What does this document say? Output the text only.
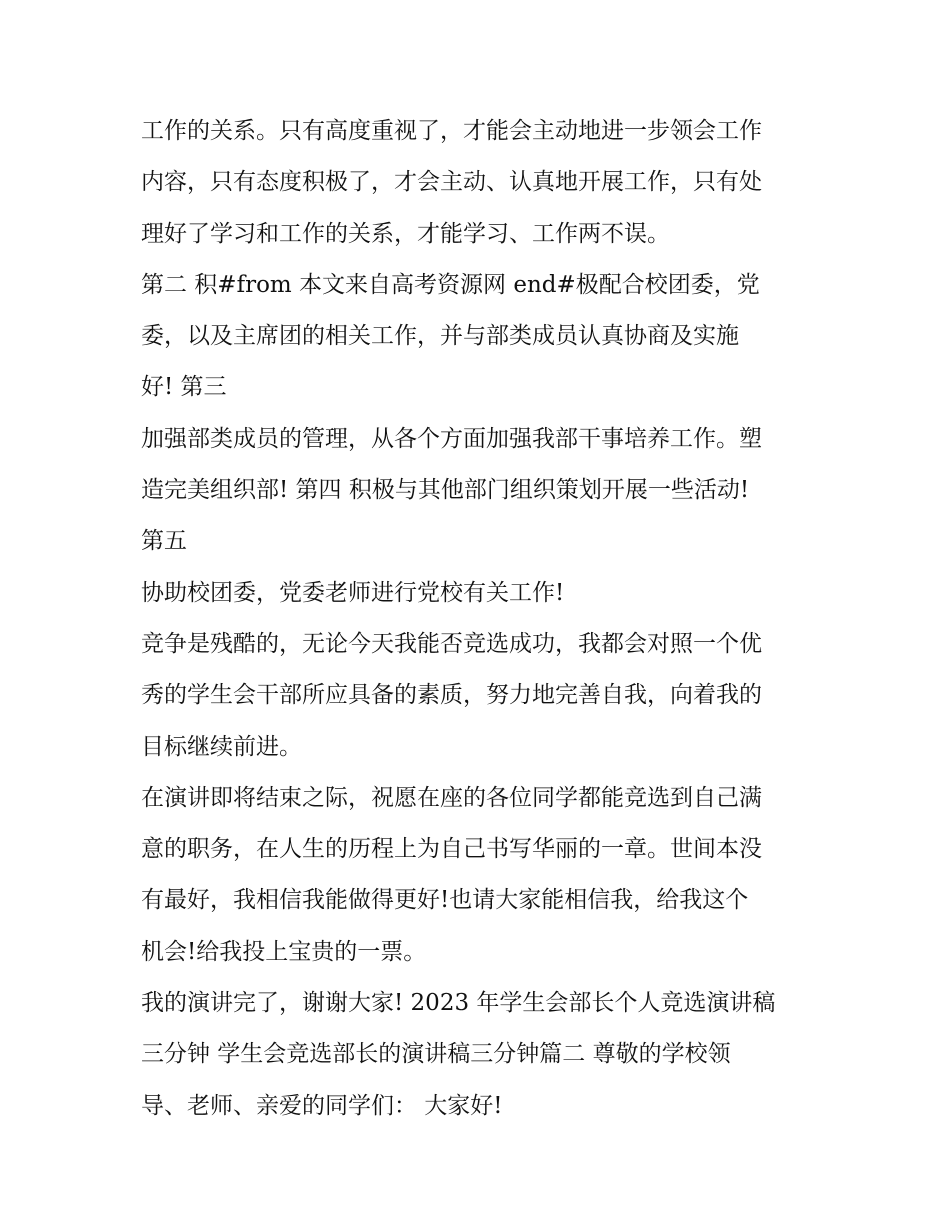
工作的关系。只有高度重视了，才能会主动地进一步领会工作
内容，只有态度积极了，才会主动、认真地开展工作，只有处
理好了学习和工作的关系，才能学习、工作两不误。
第二 积#from 本文来自高考资源网 end#极配合校团委，党
委，以及主席团的相关工作，并与部类成员认真协商及实施
好! 第三
加强部类成员的管理，从各个方面加强我部干事培养工作。塑
造完美组织部! 第四 积极与其他部门组织策划开展一些活动!
第五
协助校团委，党委老师进行党校有关工作!
竞争是残酷的，无论今天我能否竞选成功，我都会对照一个优
秀的学生会干部所应具备的素质，努力地完善自我，向着我的
目标继续前进。
在演讲即将结束之际，祝愿在座的各位同学都能竞选到自己满
意的职务，在人生的历程上为自己书写华丽的一章。世间本没
有最好，我相信我能做得更好!也请大家能相信我，给我这个
机会!给我投上宝贵的一票。
我的演讲完了，谢谢大家! 2023 年学生会部长个人竞选演讲稿
三分钟 学生会竞选部长的演讲稿三分钟篇二 尊敬的学校领
导、老师、亲爱的同学们： 大家好!
